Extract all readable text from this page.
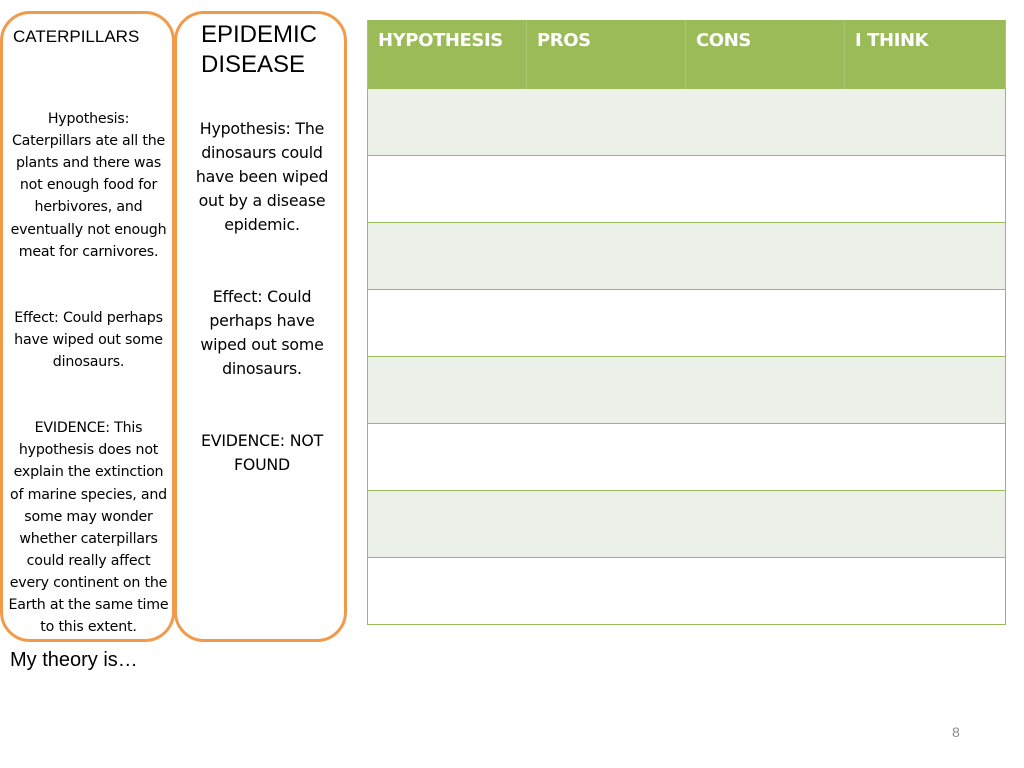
CATERPILLARS

Hypothesis: Caterpillars ate all the plants and there was not enough food for herbivores, and eventually not enough meat for carnivores.

Effect: Could perhaps have wiped out some dinosaurs.

EVIDENCE: This hypothesis does not explain the extinction of marine species, and some may wonder whether caterpillars could really affect every continent on the Earth at the same time to this extent.

EPIDEMIC
DISEASE

Hypothesis: The dinosaurs could have been wiped out by a disease epidemic.

Effect: Could perhaps have wiped out some dinosaurs.

EVIDENCE: NOT FOUND

HYPOTHESIS	PROS	CONS	I THINK

My theory is…
8
